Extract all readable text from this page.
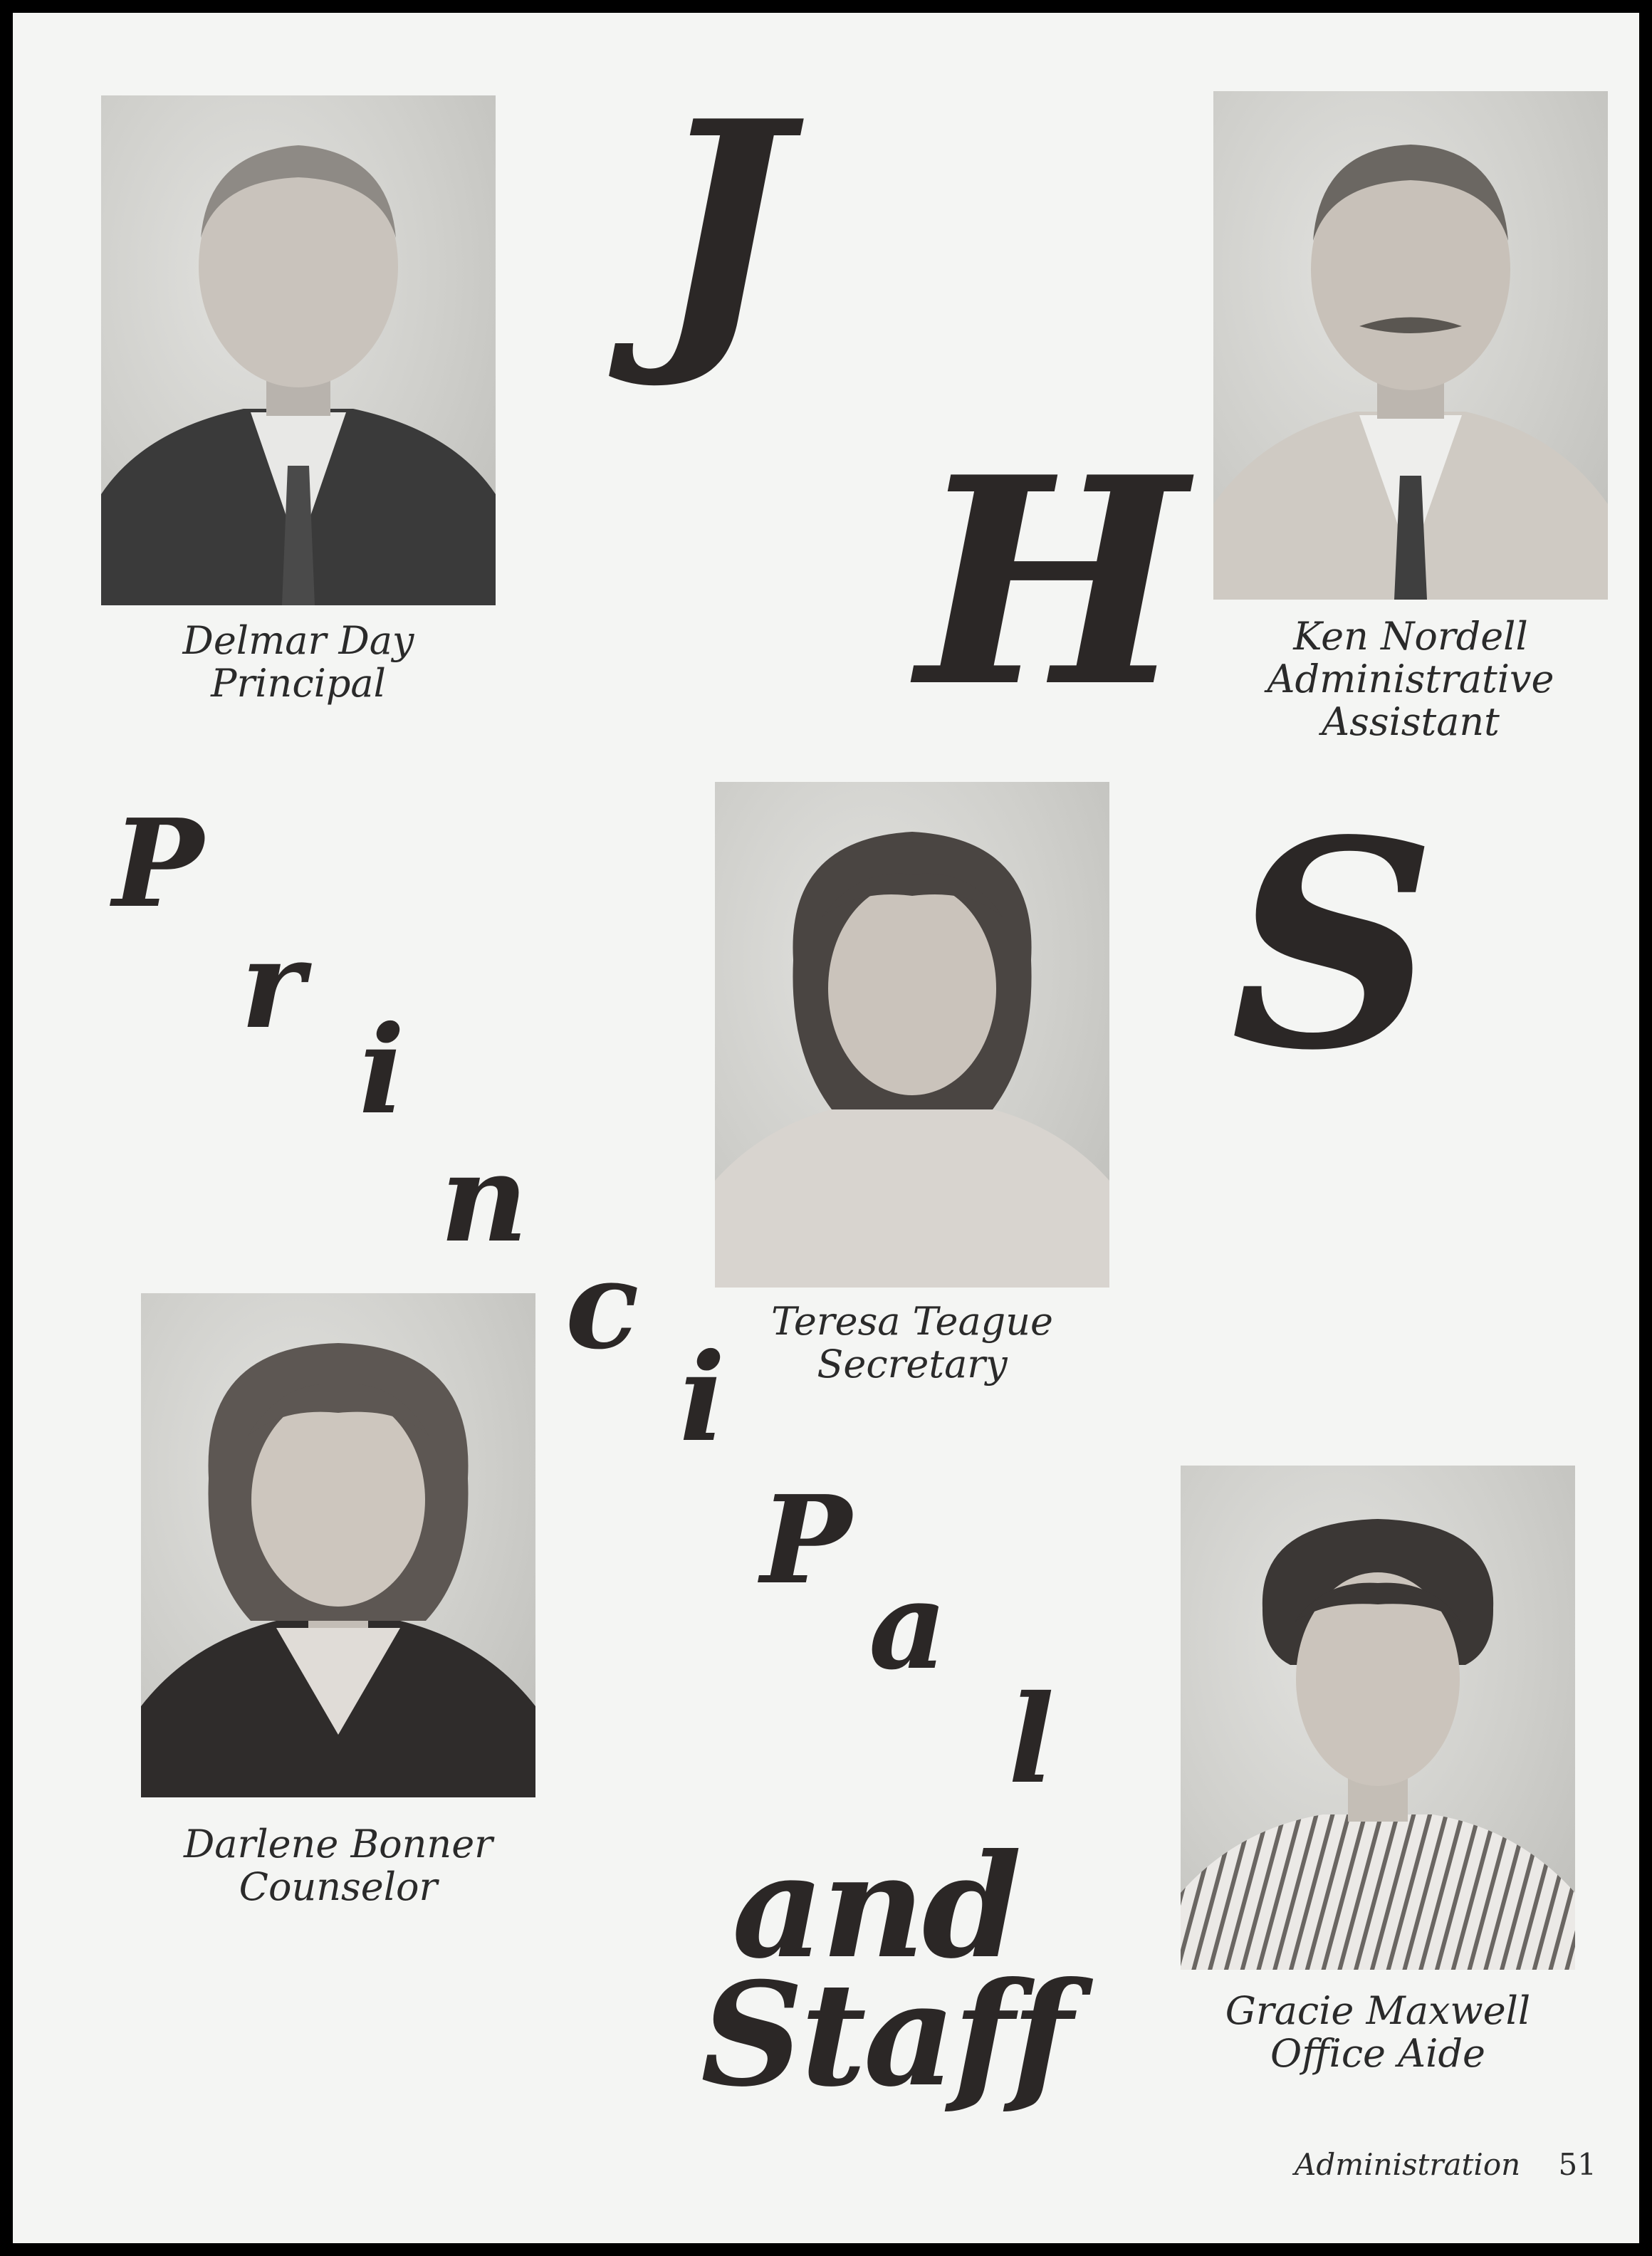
Delmar Day
Principal
Ken Nordell
Administrative
Assistant
Teresa Teague
Secretary
Darlene Bonner
Counselor
Gracie Maxwell
Office Aide
J
H
S
P
r
i
n
c
i
P
a
l
and
Staff
Administration 51
